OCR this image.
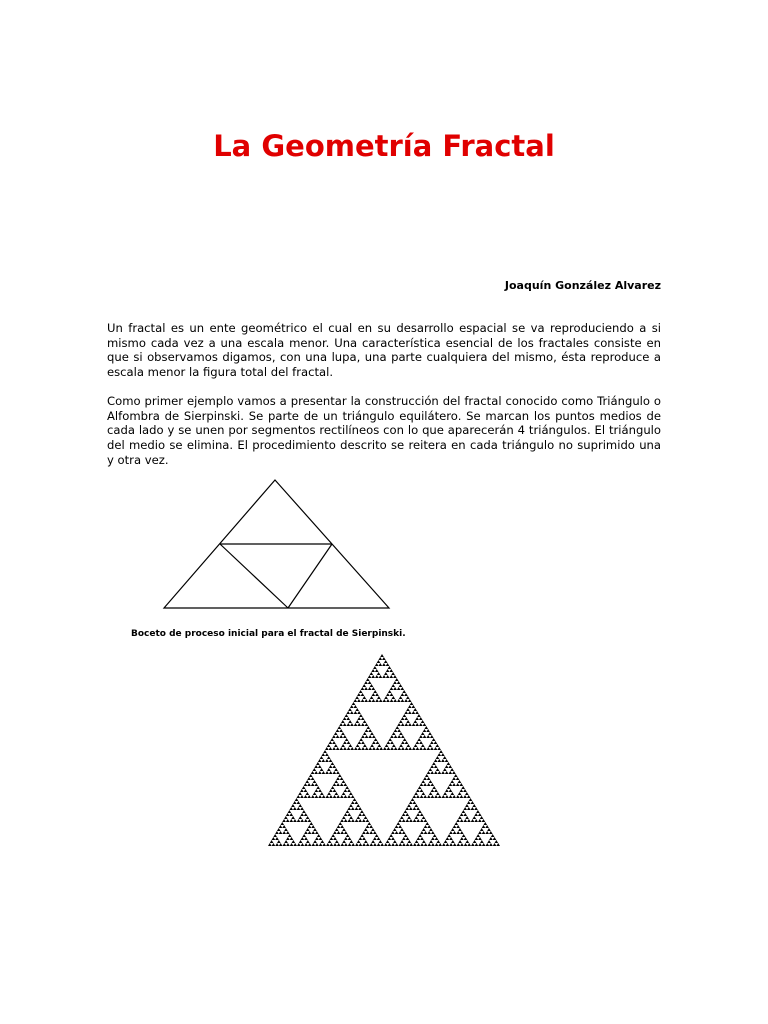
La Geometría Fractal

Joaquín González Alvarez

Un fractal es un ente geométrico el cual en su desarrollo espacial se va reproduciendo a si mismo cada vez a una escala menor. Una característica esencial de los fractales consiste en que si observamos digamos, con una lupa, una parte cualquiera del mismo, ésta reproduce a escala menor la figura total del fractal.

Como primer ejemplo vamos a presentar la construcción del fractal conocido como Triángulo o Alfombra de Sierpinski. Se parte de un triángulo equilátero. Se marcan los puntos medios de cada lado y se unen por segmentos rectilíneos con lo que aparecerán 4 triángulos. El triángulo del medio se elimina. El procedimiento descrito se reitera en cada triángulo no suprimido una y otra vez.

Boceto de proceso inicial para el fractal de Sierpinski.
